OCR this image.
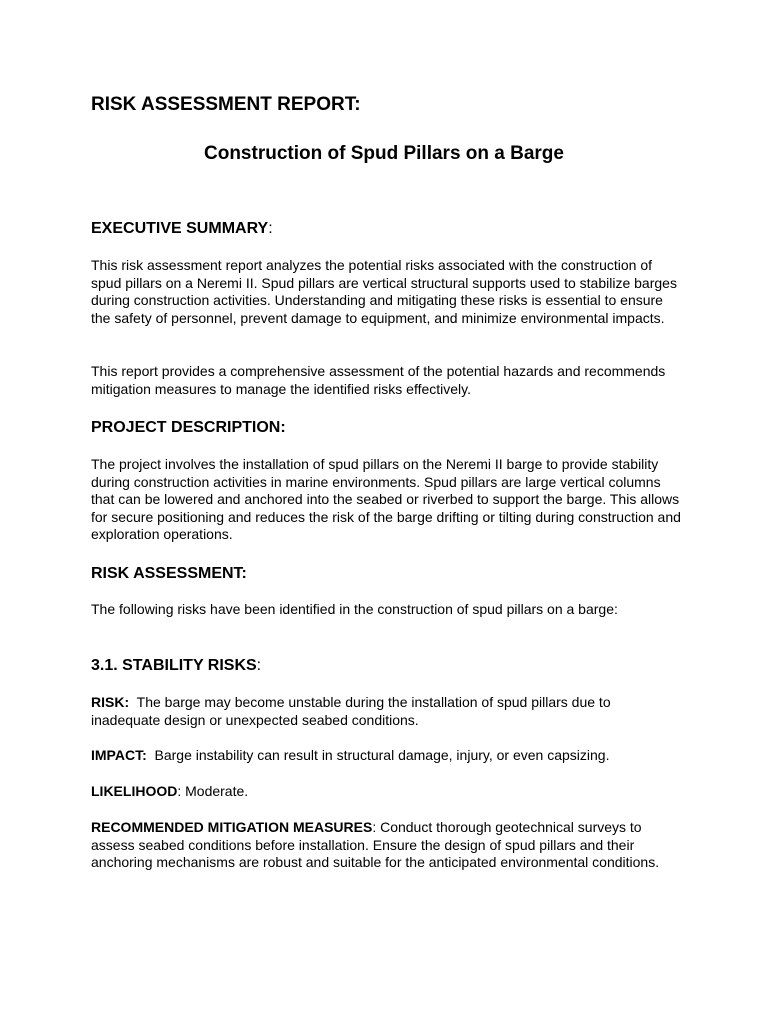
RISK ASSESSMENT REPORT:
Construction of Spud Pillars on a Barge
EXECUTIVE SUMMARY:

This risk assessment report analyzes the potential risks associated with the construction of spud pillars on a Neremi II. Spud pillars are vertical structural supports used to stabilize barges during construction activities. Understanding and mitigating these risks is essential to ensure the safety of personnel, prevent damage to equipment, and minimize environmental impacts.

This report provides a comprehensive assessment of the potential hazards and recommends mitigation measures to manage the identified risks effectively.

PROJECT DESCRIPTION:

The project involves the installation of spud pillars on the Neremi II barge to provide stability during construction activities in marine environments. Spud pillars are large vertical columns that can be lowered and anchored into the seabed or riverbed to support the barge. This allows for secure positioning and reduces the risk of the barge drifting or tilting during construction and exploration operations.

RISK ASSESSMENT:

The following risks have been identified in the construction of spud pillars on a barge:

3.1. STABILITY RISKS:

RISK:  The barge may become unstable during the installation of spud pillars due to inadequate design or unexpected seabed conditions.

IMPACT:  Barge instability can result in structural damage, injury, or even capsizing.

LIKELIHOOD: Moderate.

RECOMMENDED MITIGATION MEASURES: Conduct thorough geotechnical surveys to assess seabed conditions before installation. Ensure the design of spud pillars and their anchoring mechanisms are robust and suitable for the anticipated environmental conditions.
